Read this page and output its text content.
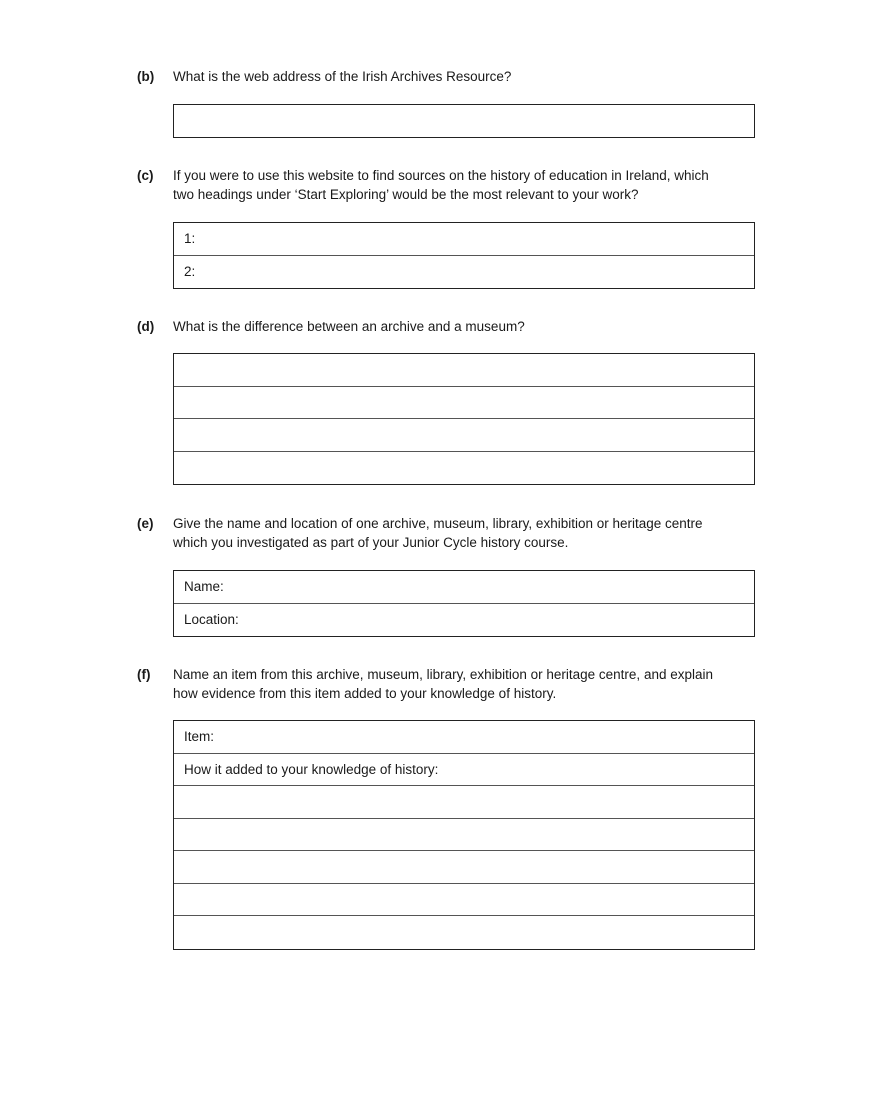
(b) What is the web address of the Irish Archives Resource?
(c) If you were to use this website to find sources on the history of education in Ireland, which
two headings under ‘Start Exploring’ would be the most relevant to your work?
1:
2:
(d) What is the difference between an archive and a museum?
(e) Give the name and location of one archive, museum, library, exhibition or heritage centre
which you investigated as part of your Junior Cycle history course.
Name:
Location:
(f) Name an item from this archive, museum, library, exhibition or heritage centre, and explain
how evidence from this item added to your knowledge of history.
Item:
How it added to your knowledge of history:
